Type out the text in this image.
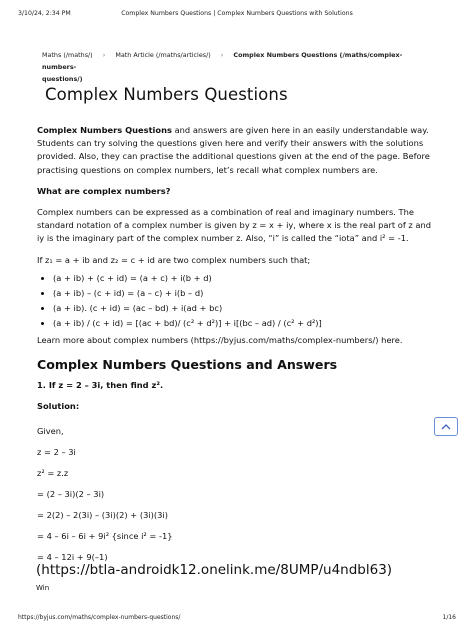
3/10/24, 2:34 PM	Complex Numbers Questions | Complex Numbers Questions with Solutions
Maths (/maths/) › Math Article (/maths/articles/) › Complex Numbers Questions (/maths/complex-numbers-
questions/)
Complex Numbers Questions

Complex Numbers Questions and answers are given here in an easily understandable way. Students can try solving the questions given here and verify their answers with the solutions provided. Also, they can practise the additional questions given at the end of the page. Before practising questions on complex numbers, let’s recall what complex numbers are.

What are complex numbers?

Complex numbers can be expressed as a combination of real and imaginary numbers. The standard notation of a complex number is given by z = x + iy, where x is the real part of z and iy is the imaginary part of the complex number z. Also, “i” is called the “iota” and i² = -1.

If z₁ = a + ib and z₂ = c + id are two complex numbers such that;

• (a + ib) + (c + id) = (a + c) + i(b + d)
• (a + ib) – (c + id) = (a – c) + i(b – d)
• (a + ib). (c + id) = (ac – bd) + i(ad + bc)
• (a + ib) / (c + id) = [(ac + bd)/ (c² + d²)] + i[(bc – ad) / (c² + d²)]

Learn more about complex numbers (https://byjus.com/maths/complex-numbers/) here.

Complex Numbers Questions and Answers

1. If z = 2 – 3i, then find z².

Solution:

Given,

z = 2 – 3i

z² = z.z

= (2 – 3i)(2 – 3i)

= 2(2) – 2(3i) – (3i)(2) + (3i)(3i)

= 4 – 6i – 6i + 9i² {since i² = -1}

= 4 – 12i + 9(–1)

(https://btla-androidk12.onelink.me/8UMP/u4ndbl63)
Win
https://byjus.com/maths/complex-numbers-questions/	1/16
